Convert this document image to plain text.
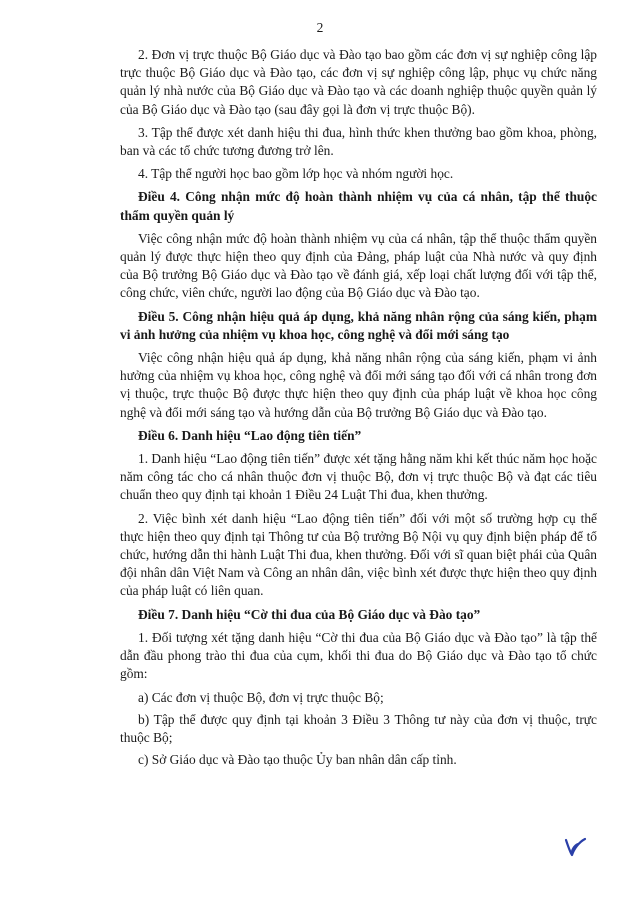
2

2. Đơn vị trực thuộc Bộ Giáo dục và Đào tạo bao gồm các đơn vị sự nghiệp công lập trực thuộc Bộ Giáo dục và Đào tạo, các đơn vị sự nghiệp công lập, phục vụ chức năng quản lý nhà nước của Bộ Giáo dục và Đào tạo và các doanh nghiệp thuộc quyền quản lý của Bộ Giáo dục và Đào tạo (sau đây gọi là đơn vị trực thuộc Bộ).

3. Tập thể được xét danh hiệu thi đua, hình thức khen thưởng bao gồm khoa, phòng, ban và các tổ chức tương đương trở lên.

4. Tập thể người học bao gồm lớp học và nhóm người học.

Điều 4. Công nhận mức độ hoàn thành nhiệm vụ của cá nhân, tập thể thuộc thẩm quyền quản lý

Việc công nhận mức độ hoàn thành nhiệm vụ của cá nhân, tập thể thuộc thẩm quyền quản lý được thực hiện theo quy định của Đảng, pháp luật của Nhà nước và quy định của Bộ trưởng Bộ Giáo dục và Đào tạo về đánh giá, xếp loại chất lượng đối với tập thể, công chức, viên chức, người lao động của Bộ Giáo dục và Đào tạo.

Điều 5. Công nhận hiệu quả áp dụng, khả năng nhân rộng của sáng kiến, phạm vi ảnh hưởng của nhiệm vụ khoa học, công nghệ và đổi mới sáng tạo

Việc công nhận hiệu quả áp dụng, khả năng nhân rộng của sáng kiến, phạm vi ảnh hưởng của nhiệm vụ khoa học, công nghệ và đổi mới sáng tạo đối với cá nhân trong đơn vị thuộc, trực thuộc Bộ được thực hiện theo quy định của pháp luật về khoa học công nghệ và đổi mới sáng tạo và hướng dẫn của Bộ trưởng Bộ Giáo dục và Đào tạo.

Điều 6. Danh hiệu “Lao động tiên tiến”

1. Danh hiệu “Lao động tiên tiến” được xét tặng hằng năm khi kết thúc năm học hoặc năm công tác cho cá nhân thuộc đơn vị thuộc Bộ, đơn vị trực thuộc Bộ và đạt các tiêu chuẩn theo quy định tại khoản 1 Điều 24 Luật Thi đua, khen thưởng.

2. Việc bình xét danh hiệu “Lao động tiên tiến” đối với một số trường hợp cụ thể thực hiện theo quy định tại Thông tư của Bộ trưởng Bộ Nội vụ quy định biện pháp để tổ chức, hướng dẫn thi hành Luật Thi đua, khen thưởng. Đối với sĩ quan biệt phái của Quân đội nhân dân Việt Nam và Công an nhân dân, việc bình xét được thực hiện theo quy định của pháp luật có liên quan.

Điều 7. Danh hiệu “Cờ thi đua của Bộ Giáo dục và Đào tạo”

1. Đối tượng xét tặng danh hiệu “Cờ thi đua của Bộ Giáo dục và Đào tạo” là tập thể dẫn đầu phong trào thi đua của cụm, khối thi đua do Bộ Giáo dục và Đào tạo tổ chức gồm:

a) Các đơn vị thuộc Bộ, đơn vị trực thuộc Bộ;

b) Tập thể được quy định tại khoản 3 Điều 3 Thông tư này của đơn vị thuộc, trực thuộc Bộ;

c) Sở Giáo dục và Đào tạo thuộc Ủy ban nhân dân cấp tỉnh.
